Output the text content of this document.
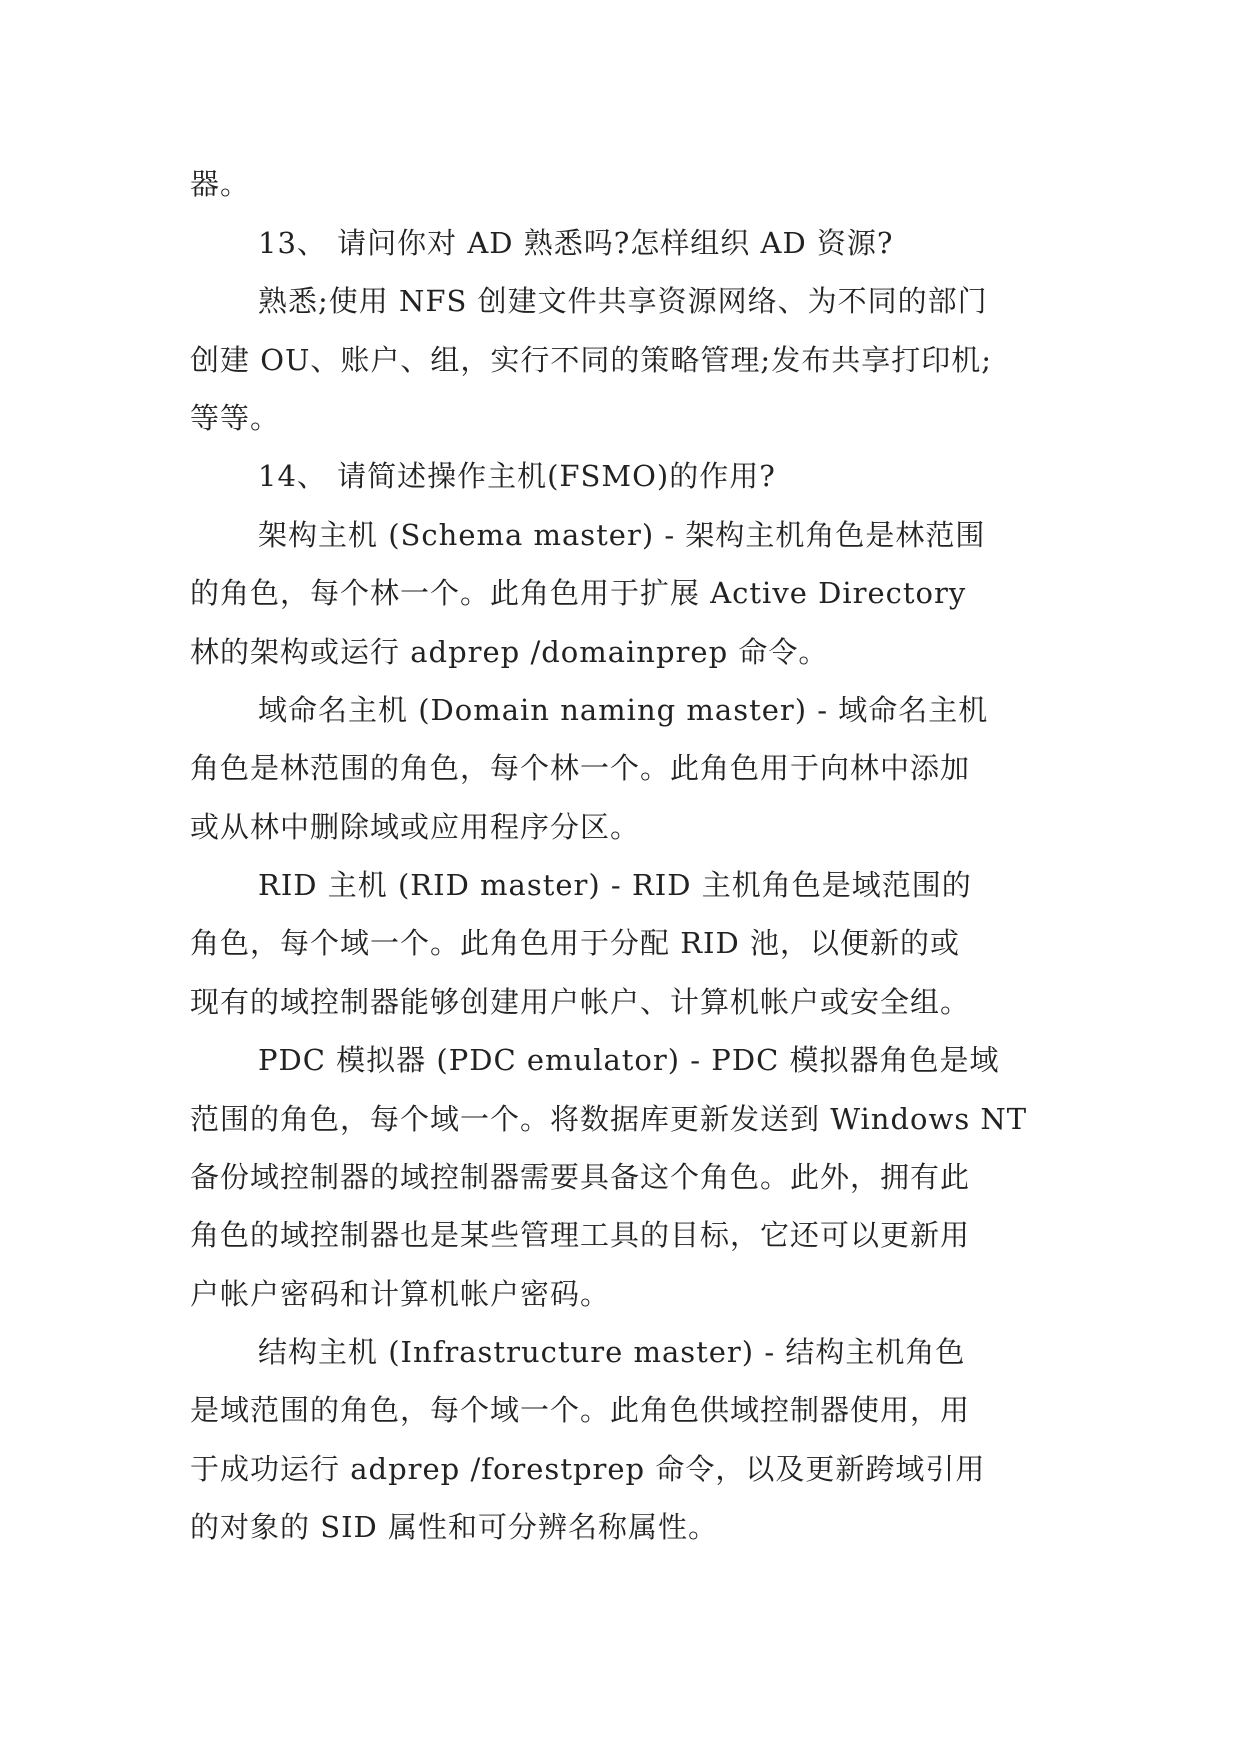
器。
13、 请问你对 AD 熟悉吗?怎样组织 AD 资源?
熟悉;使用 NFS 创建文件共享资源网络、为不同的部门
创建 OU、账户、组，实行不同的策略管理;发布共享打印机;
等等。
14、 请简述操作主机(FSMO)的作用?
架构主机 (Schema master) - 架构主机角色是林范围
的角色，每个林一个。此角色用于扩展 Active Directory
林的架构或运行 adprep /domainprep 命令。
域命名主机 (Domain naming master) - 域命名主机
角色是林范围的角色，每个林一个。此角色用于向林中添加
或从林中删除域或应用程序分区。
RID 主机 (RID master) - RID 主机角色是域范围的
角色，每个域一个。此角色用于分配 RID 池，以便新的或
现有的域控制器能够创建用户帐户、计算机帐户或安全组。
PDC 模拟器 (PDC emulator) - PDC 模拟器角色是域
范围的角色，每个域一个。将数据库更新发送到 Windows NT
备份域控制器的域控制器需要具备这个角色。此外，拥有此
角色的域控制器也是某些管理工具的目标，它还可以更新用
户帐户密码和计算机帐户密码。
结构主机 (Infrastructure master) - 结构主机角色
是域范围的角色，每个域一个。此角色供域控制器使用，用
于成功运行 adprep /forestprep 命令，以及更新跨域引用
的对象的 SID 属性和可分辨名称属性。
